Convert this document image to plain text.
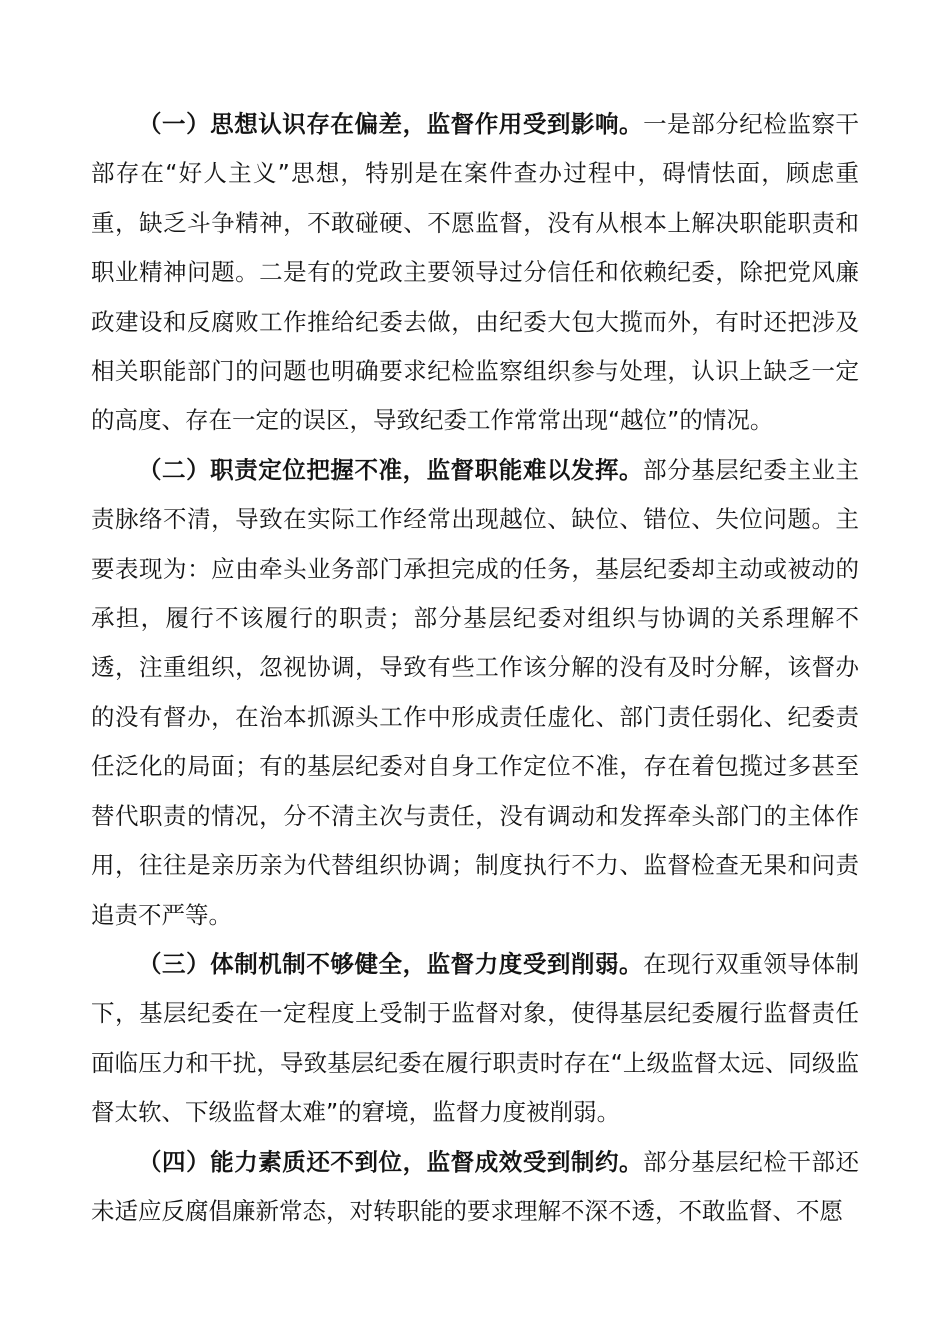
（一）思想认识存在偏差，监督作用受到影响。一是部分纪检监察干部存在“好人主义”思想，特别是在案件查办过程中，碍情怯面，顾虑重重，缺乏斗争精神，不敢碰硬、不愿监督，没有从根本上解决职能职责和职业精神问题。二是有的党政主要领导过分信任和依赖纪委，除把党风廉政建设和反腐败工作推给纪委去做，由纪委大包大揽而外，有时还把涉及相关职能部门的问题也明确要求纪检监察组织参与处理，认识上缺乏一定的高度、存在一定的误区，导致纪委工作常常出现“越位”的情况。

（二）职责定位把握不准，监督职能难以发挥。部分基层纪委主业主责脉络不清，导致在实际工作经常出现越位、缺位、错位、失位问题。主要表现为：应由牵头业务部门承担完成的任务，基层纪委却主动或被动的承担，履行不该履行的职责；部分基层纪委对组织与协调的关系理解不透，注重组织，忽视协调，导致有些工作该分解的没有及时分解，该督办的没有督办，在治本抓源头工作中形成责任虚化、部门责任弱化、纪委责任泛化的局面；有的基层纪委对自身工作定位不准，存在着包揽过多甚至替代职责的情况，分不清主次与责任，没有调动和发挥牵头部门的主体作用，往往是亲历亲为代替组织协调；制度执行不力、监督检查无果和问责追责不严等。

（三）体制机制不够健全，监督力度受到削弱。在现行双重领导体制下，基层纪委在一定程度上受制于监督对象，使得基层纪委履行监督责任面临压力和干扰，导致基层纪委在履行职责时存在“上级监督太远、同级监督太软、下级监督太难”的窘境，监督力度被削弱。

（四）能力素质还不到位，监督成效受到制约。部分基层纪检干部还未适应反腐倡廉新常态，对转职能的要求理解不深不透，不敢监督、不愿
